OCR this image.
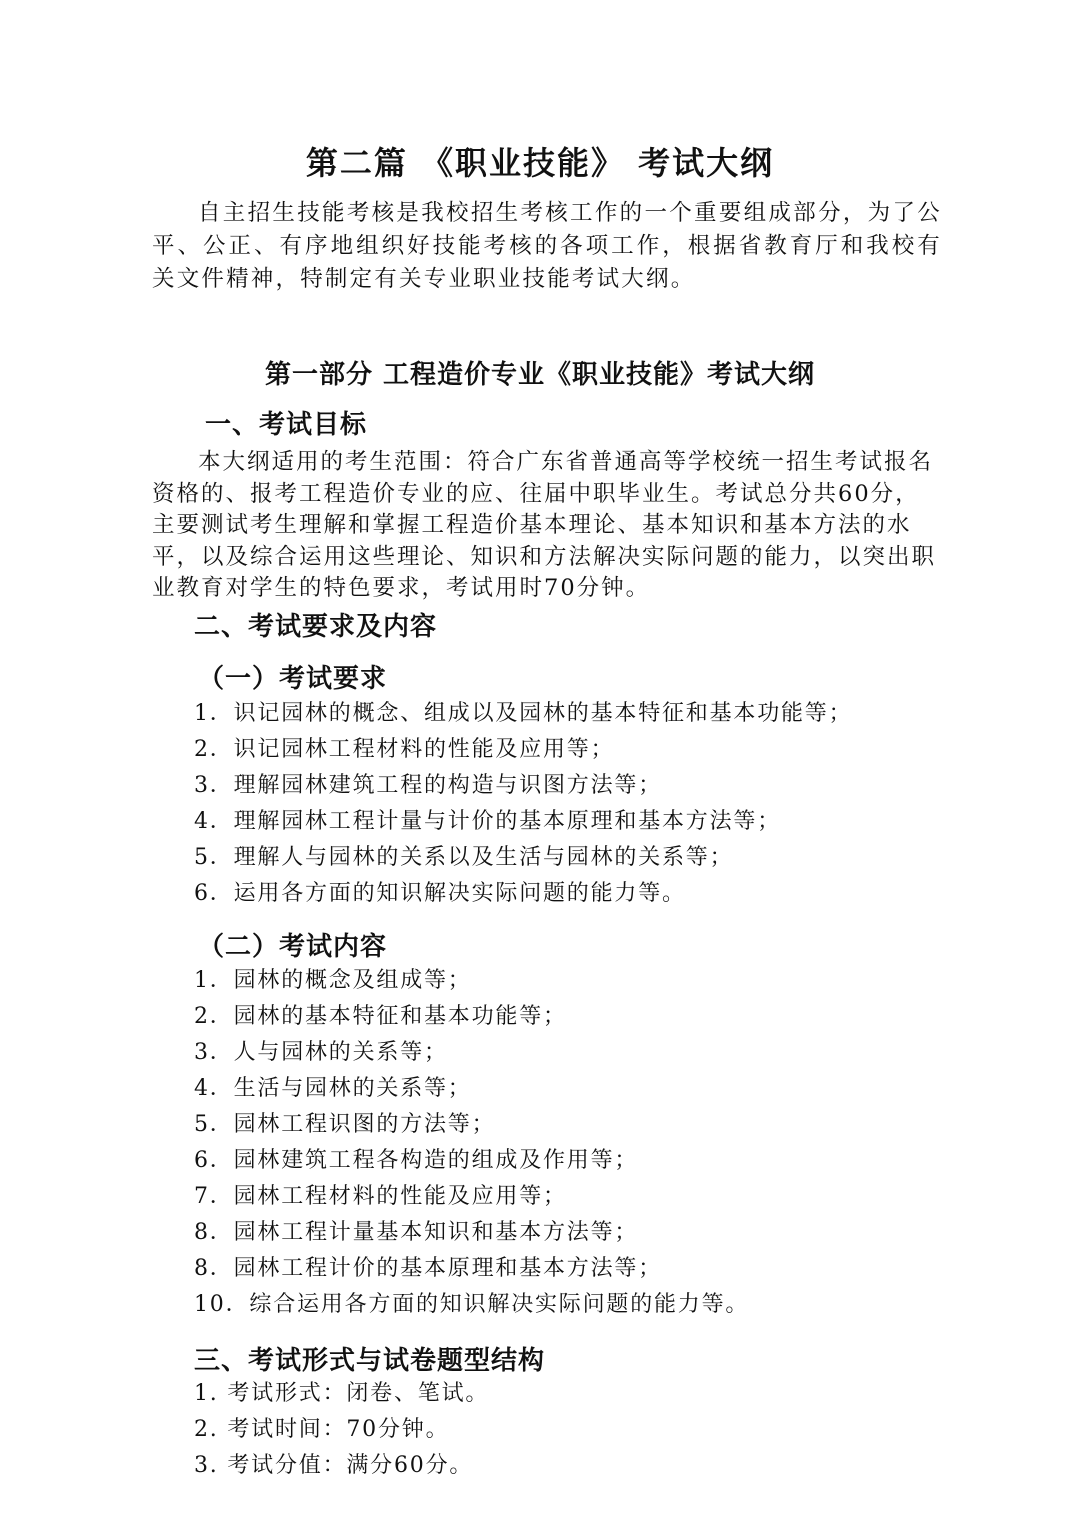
第二篇 《职业技能》 考试大纲

自主招生技能考核是我校招生考核工作的一个重要组成部分，为了公平、公正、有序地组织好技能考核的各项工作，根据省教育厅和我校有关文件精神，特制定有关专业职业技能考试大纲。

第一部分 工程造价专业《职业技能》考试大纲
一、考试目标

本大纲适用的考生范围：符合广东省普通高等学校统一招生考试报名资格的、报考工程造价专业的应、往届中职毕业生。考试总分共60分，主要测试考生理解和掌握工程造价基本理论、基本知识和基本方法的水平，以及综合运用这些理论、知识和方法解决实际问题的能力，以突出职业教育对学生的特色要求，考试用时70分钟。

二、考试要求及内容
（一）考试要求
1．识记园林的概念、组成以及园林的基本特征和基本功能等；
2．识记园林工程材料的性能及应用等；
3．理解园林建筑工程的构造与识图方法等；
4．理解园林工程计量与计价的基本原理和基本方法等；
5．理解人与园林的关系以及生活与园林的关系等；
6．运用各方面的知识解决实际问题的能力等。
（二）考试内容
1．园林的概念及组成等；
2．园林的基本特征和基本功能等；
3．人与园林的关系等；
4．生活与园林的关系等；
5．园林工程识图的方法等；
6．园林建筑工程各构造的组成及作用等；
7．园林工程材料的性能及应用等；
8．园林工程计量基本知识和基本方法等；
8．园林工程计价的基本原理和基本方法等；
10．综合运用各方面的知识解决实际问题的能力等。
三、考试形式与试卷题型结构
1. 考试形式：闭卷、笔试。
2. 考试时间：70分钟。
3. 考试分值：满分60分。
